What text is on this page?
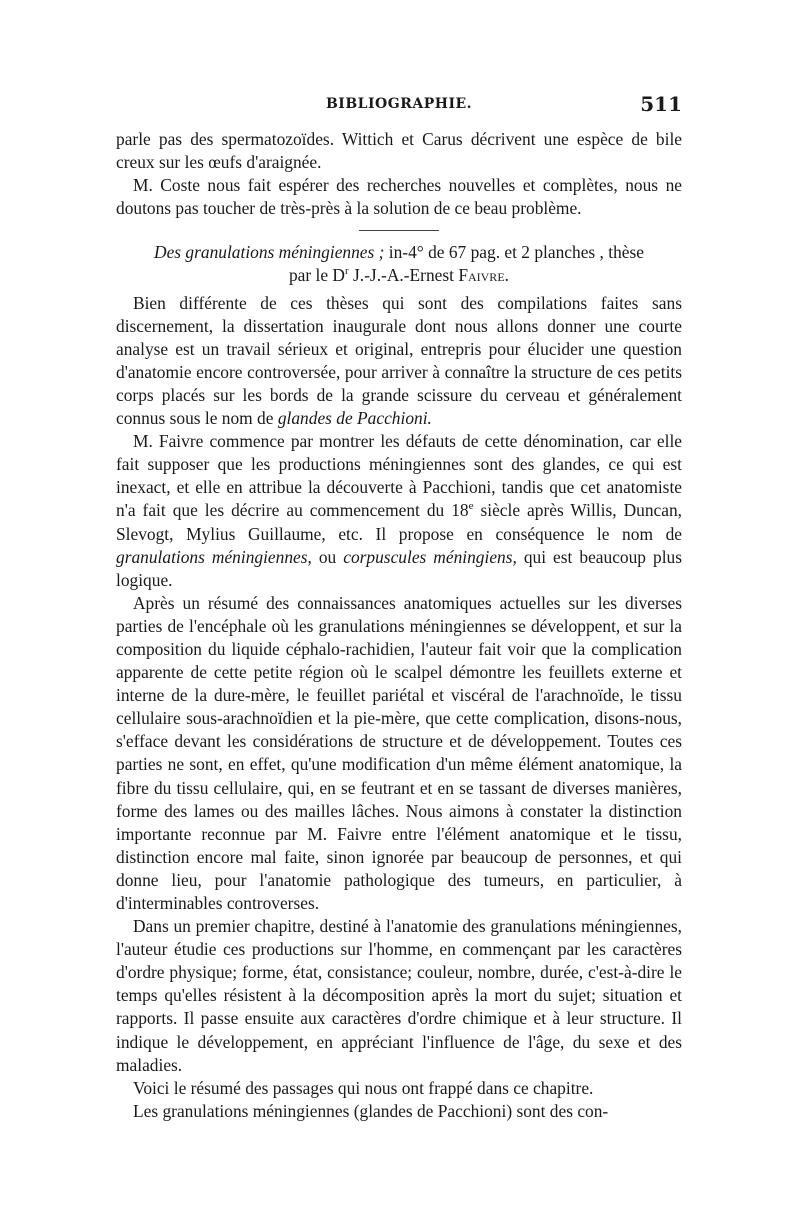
BIBLIOGRAPHIE.	511

parle pas des spermatozoïdes. Wittich et Carus décrivent une espèce de bile creux sur les œufs d'araignée.

M. Coste nous fait espérer des recherches nouvelles et complètes, nous ne doutons pas toucher de très-près à la solution de ce beau problème.

Des granulations méningiennes ; in-4° de 67 pag. et 2 planches , thèse
par le $D^r$ J.-J.-A.-Ernest Faivre.

Bien différente de ces thèses qui sont des compilations faites sans discernement, la dissertation inaugurale dont nous allons donner une courte analyse est un travail sérieux et original, entrepris pour élucider une question d'anatomie encore controversée, pour arriver à connaître la structure de ces petits corps placés sur les bords de la grande scissure du cerveau et généralement connus sous le nom de glandes de Pacchioni.

M. Faivre commence par montrer les défauts de cette dénomination, car elle fait supposer que les productions méningiennes sont des glandes, ce qui est inexact, et elle en attribue la découverte à Pacchioni, tandis que cet anatomiste n'a fait que les décrire au commencement du 18e siècle après Willis, Duncan, Slevogt, Mylius Guillaume, etc. Il propose en conséquence le nom de granulations méningiennes, ou corpuscules méningiens, qui est beaucoup plus logique.

Après un résumé des connaissances anatomiques actuelles sur les diverses parties de l'encéphale où les granulations méningiennes se développent, et sur la composition du liquide céphalo-rachidien, l'auteur fait voir que la complication apparente de cette petite région où le scalpel démontre les feuillets externe et interne de la dure-mère, le feuillet pariétal et viscéral de l'arachnoïde, le tissu cellulaire sous-arachnoïdien et la pie-mère, que cette complication, disons-nous, s'efface devant les considérations de structure et de développement. Toutes ces parties ne sont, en effet, qu'une modification d'un même élément anatomique, la fibre du tissu cellulaire, qui, en se feutrant et en se tassant de diverses manières, forme des lames ou des mailles lâches. Nous aimons à constater la distinction importante reconnue par M. Faivre entre l'élément anatomique et le tissu, distinction encore mal faite, sinon ignorée par beaucoup de personnes, et qui donne lieu, pour l'anatomie pathologique des tumeurs, en particulier, à d'interminables controverses.

Dans un premier chapitre, destiné à l'anatomie des granulations méningiennes, l'auteur étudie ces productions sur l'homme, en commençant par les caractères d'ordre physique; forme, état, consistance; couleur, nombre, durée, c'est-à-dire le temps qu'elles résistent à la décomposition après la mort du sujet; situation et rapports. Il passe ensuite aux caractères d'ordre chimique et à leur structure. Il indique le développement, en appréciant l'influence de l'âge, du sexe et des maladies.

Voici le résumé des passages qui nous ont frappé dans ce chapitre.

Les granulations méningiennes (glandes de Pacchioni) sont des con-
